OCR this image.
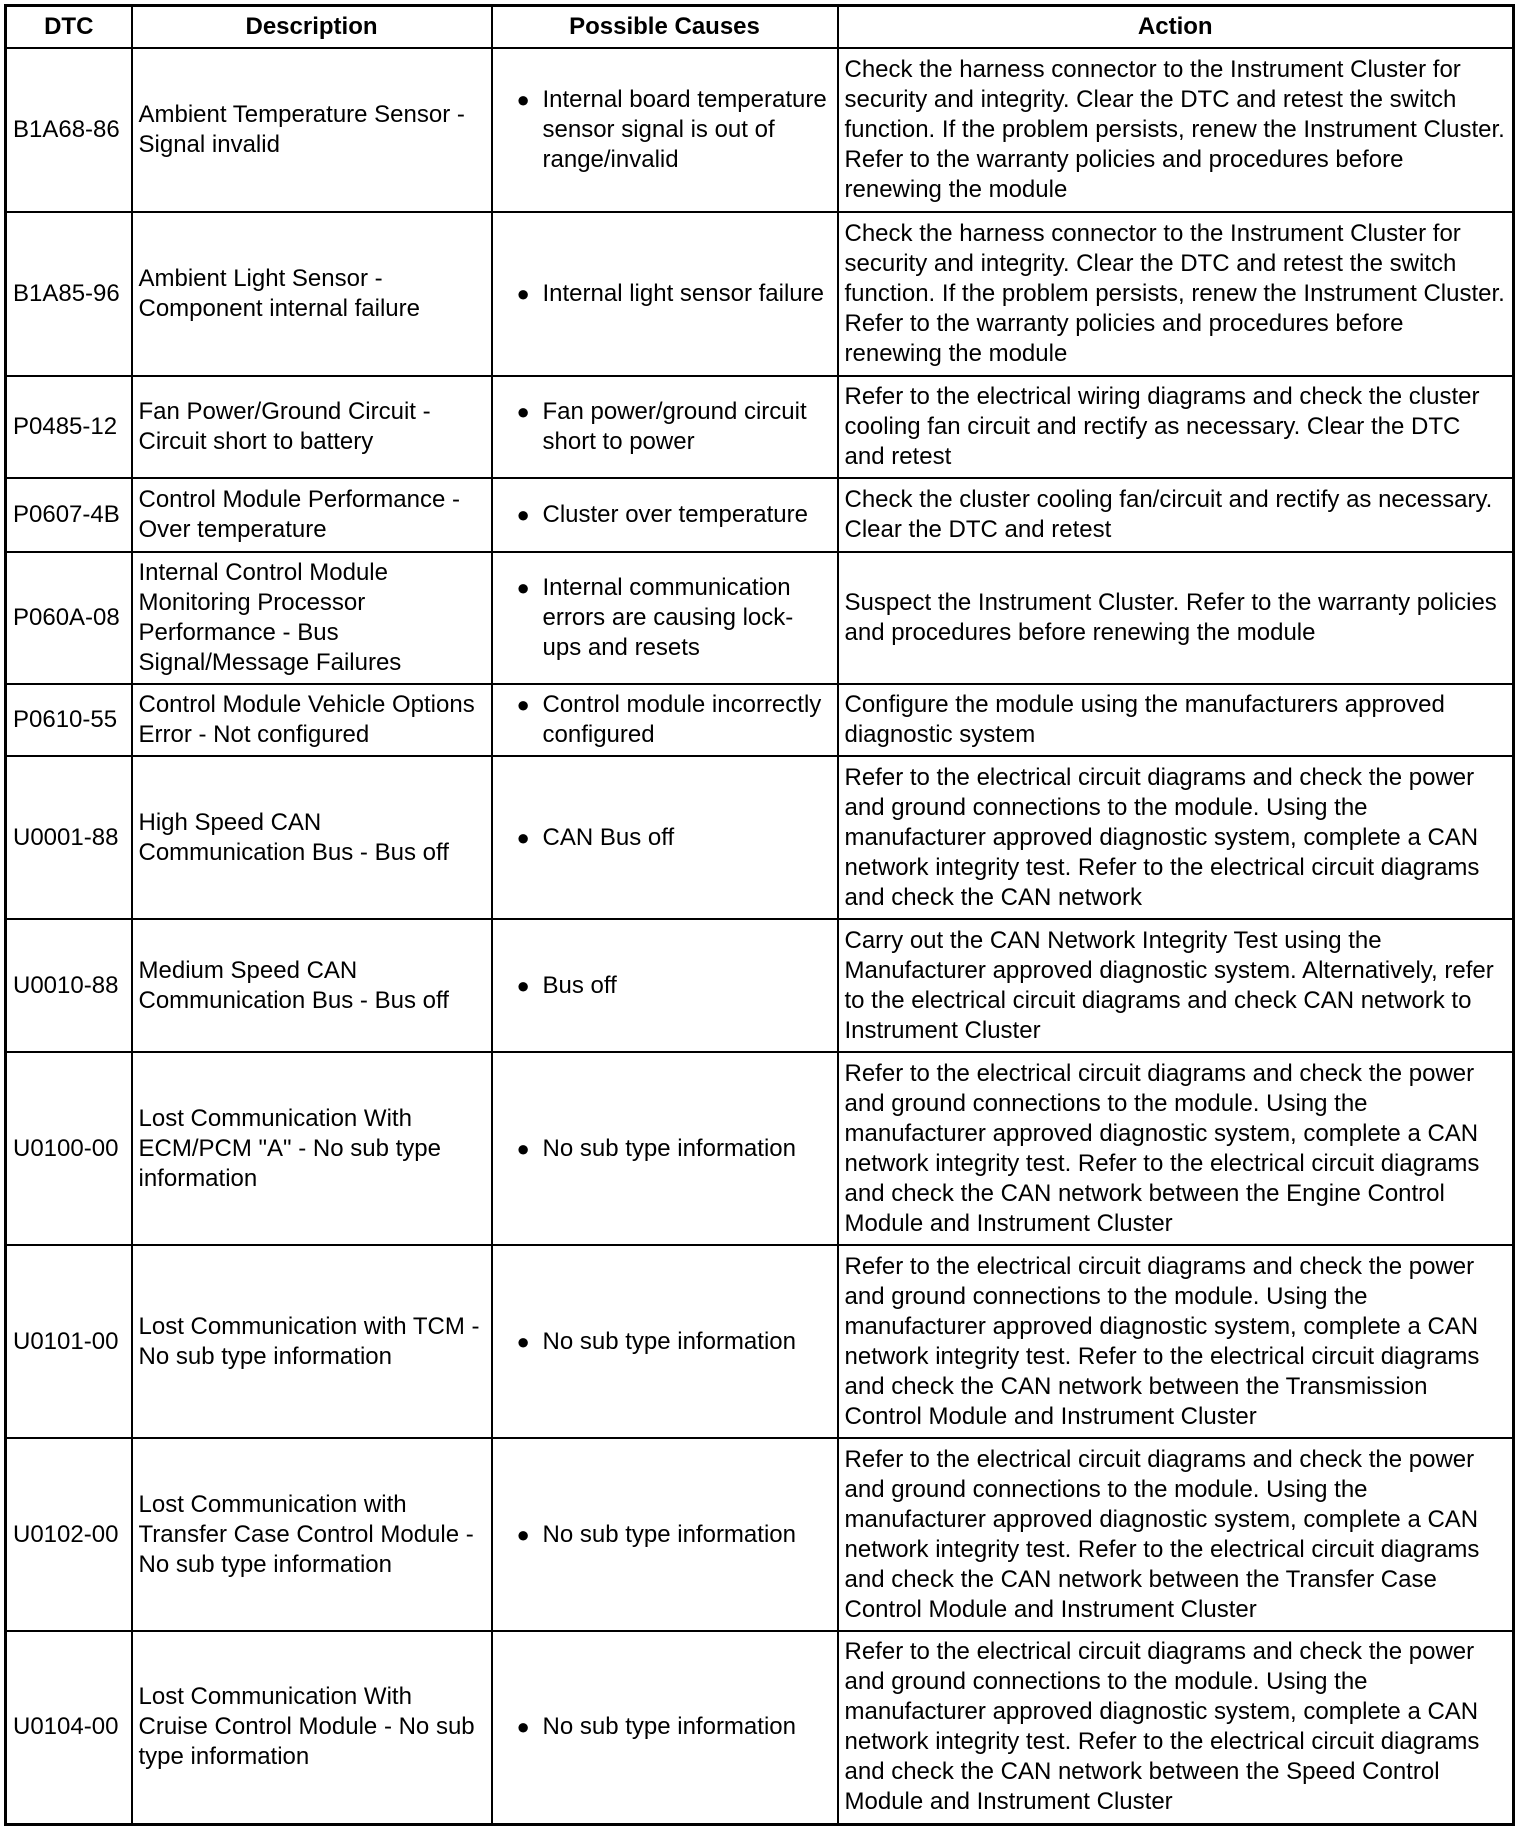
DTC	Description	Possible Causes	Action
B1A68-86	Ambient Temperature Sensor - Signal invalid	● Internal board temperature sensor signal is out of range/invalid	Check the harness connector to the Instrument Cluster for security and integrity. Clear the DTC and retest the switch function. If the problem persists, renew the Instrument Cluster. Refer to the warranty policies and procedures before renewing the module
B1A85-96	Ambient Light Sensor - Component internal failure	● Internal light sensor failure	Check the harness connector to the Instrument Cluster for security and integrity. Clear the DTC and retest the switch function. If the problem persists, renew the Instrument Cluster. Refer to the warranty policies and procedures before renewing the module
P0485-12	Fan Power/Ground Circuit - Circuit short to battery	● Fan power/ground circuit short to power	Refer to the electrical wiring diagrams and check the cluster cooling fan circuit and rectify as necessary. Clear the DTC and retest
P0607-4B	Control Module Performance - Over temperature	● Cluster over temperature	Check the cluster cooling fan/circuit and rectify as necessary. Clear the DTC and retest
P060A-08	Internal Control Module Monitoring Processor Performance - Bus Signal/Message Failures	● Internal communication errors are causing lock-ups and resets	Suspect the Instrument Cluster. Refer to the warranty policies and procedures before renewing the module
P0610-55	Control Module Vehicle Options Error - Not configured	● Control module incorrectly configured	Configure the module using the manufacturers approved diagnostic system
U0001-88	High Speed CAN Communication Bus - Bus off	● CAN Bus off	Refer to the electrical circuit diagrams and check the power and ground connections to the module. Using the manufacturer approved diagnostic system, complete a CAN network integrity test. Refer to the electrical circuit diagrams and check the CAN network
U0010-88	Medium Speed CAN Communication Bus - Bus off	● Bus off	Carry out the CAN Network Integrity Test using the Manufacturer approved diagnostic system. Alternatively, refer to the electrical circuit diagrams and check CAN network to Instrument Cluster
U0100-00	Lost Communication With ECM/PCM "A" - No sub type information	● No sub type information	Refer to the electrical circuit diagrams and check the power and ground connections to the module. Using the manufacturer approved diagnostic system, complete a CAN network integrity test. Refer to the electrical circuit diagrams and check the CAN network between the Engine Control Module and Instrument Cluster
U0101-00	Lost Communication with TCM - No sub type information	● No sub type information	Refer to the electrical circuit diagrams and check the power and ground connections to the module. Using the manufacturer approved diagnostic system, complete a CAN network integrity test. Refer to the electrical circuit diagrams and check the CAN network between the Transmission Control Module and Instrument Cluster
U0102-00	Lost Communication with Transfer Case Control Module - No sub type information	● No sub type information	Refer to the electrical circuit diagrams and check the power and ground connections to the module. Using the manufacturer approved diagnostic system, complete a CAN network integrity test. Refer to the electrical circuit diagrams and check the CAN network between the Transfer Case Control Module and Instrument Cluster
U0104-00	Lost Communication With Cruise Control Module - No sub type information	● No sub type information	Refer to the electrical circuit diagrams and check the power and ground connections to the module. Using the manufacturer approved diagnostic system, complete a CAN network integrity test. Refer to the electrical circuit diagrams and check the CAN network between the Speed Control Module and Instrument Cluster
